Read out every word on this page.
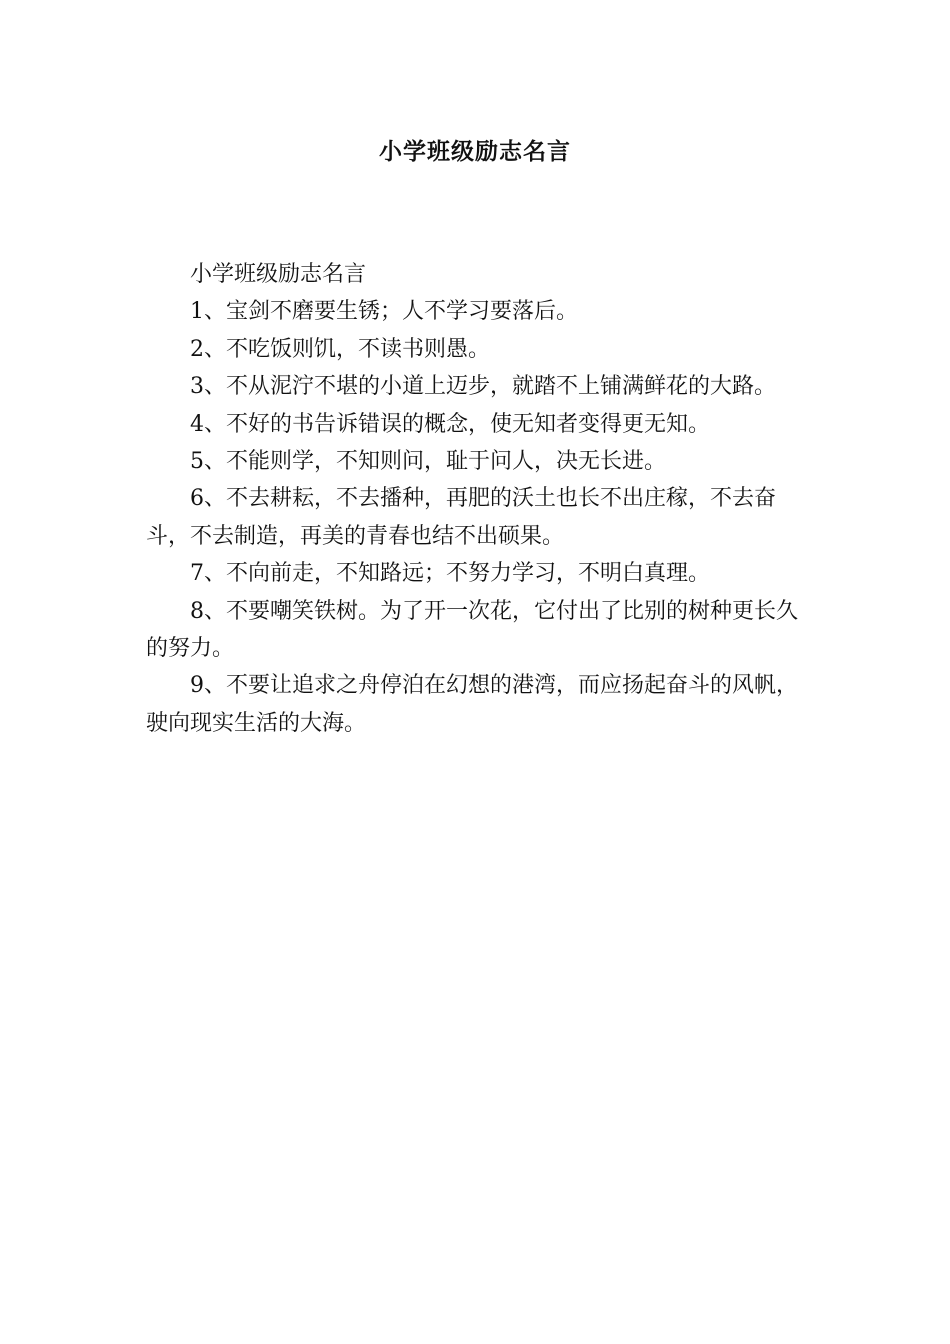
小学班级励志名言

小学班级励志名言

1、宝剑不磨要生锈；人不学习要落后。

2、不吃饭则饥，不读书则愚。

3、不从泥泞不堪的小道上迈步，就踏不上铺满鲜花的大路。

4、不好的书告诉错误的概念，使无知者变得更无知。

5、不能则学，不知则问，耻于问人，决无长进。

6、不去耕耘，不去播种，再肥的沃土也长不出庄稼，不去奋斗，不去制造，再美的青春也结不出硕果。

7、不向前走，不知路远；不努力学习，不明白真理。

8、不要嘲笑铁树。为了开一次花，它付出了比别的树种更长久的努力。

9、不要让追求之舟停泊在幻想的港湾，而应扬起奋斗的风帆，驶向现实生活的大海。
